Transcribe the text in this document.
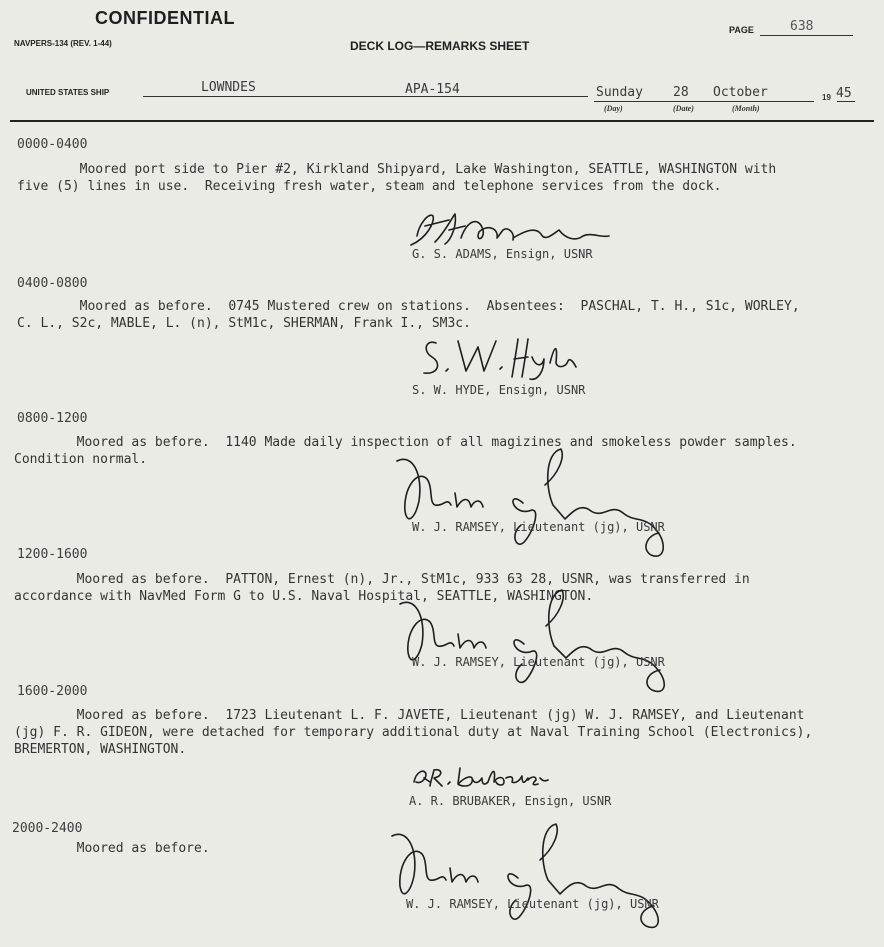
CONFIDENTIAL
NAVPERS-134 (REV. 1-44)	DECK LOG—REMARKS SHEET
PAGE	638
UNITED STATES SHIP	LOWNDES	APA-154	Sunday 28 October	19 45
(Day)	(Date)	(Month)
0000-0400
Moored port side to Pier #2, Kirkland Shipyard, Lake Washington, SEATTLE, WASHINGTON with
five (5) lines in use.  Receiving fresh water, steam and telephone services from the dock.
G. S. ADAMS, Ensign, USNR
0400-0800
Moored as before.  0745 Mustered crew on stations.  Absentees:  PASCHAL, T. H., S1c, WORLEY,
C. L., S2c, MABLE, L. (n), StM1c, SHERMAN, Frank I., SM3c.
S. W. HYDE, Ensign, USNR
0800-1200
Moored as before.  1140 Made daily inspection of all magizines and smokeless powder samples.
Condition normal.
W. J. RAMSEY, Lieutenant (jg), USNR
1200-1600
Moored as before.  PATTON, Ernest (n), Jr., StM1c, 933 63 28, USNR, was transferred in
accordance with NavMed Form G to U.S. Naval Hospital, SEATTLE, WASHINGTON.
W. J. RAMSEY, Lieutenant (jg), USNR
1600-2000
Moored as before.  1723 Lieutenant L. F. JAVETE, Lieutenant (jg) W. J. RAMSEY, and Lieutenant
(jg) F. R. GIDEON, were detached for temporary additional duty at Naval Training School (Electronics),
BREMERTON, WASHINGTON.
A. R. BRUBAKER, Ensign, USNR
2000-2400
Moored as before.
W. J. RAMSEY, Lieutenant (jg), USNR
